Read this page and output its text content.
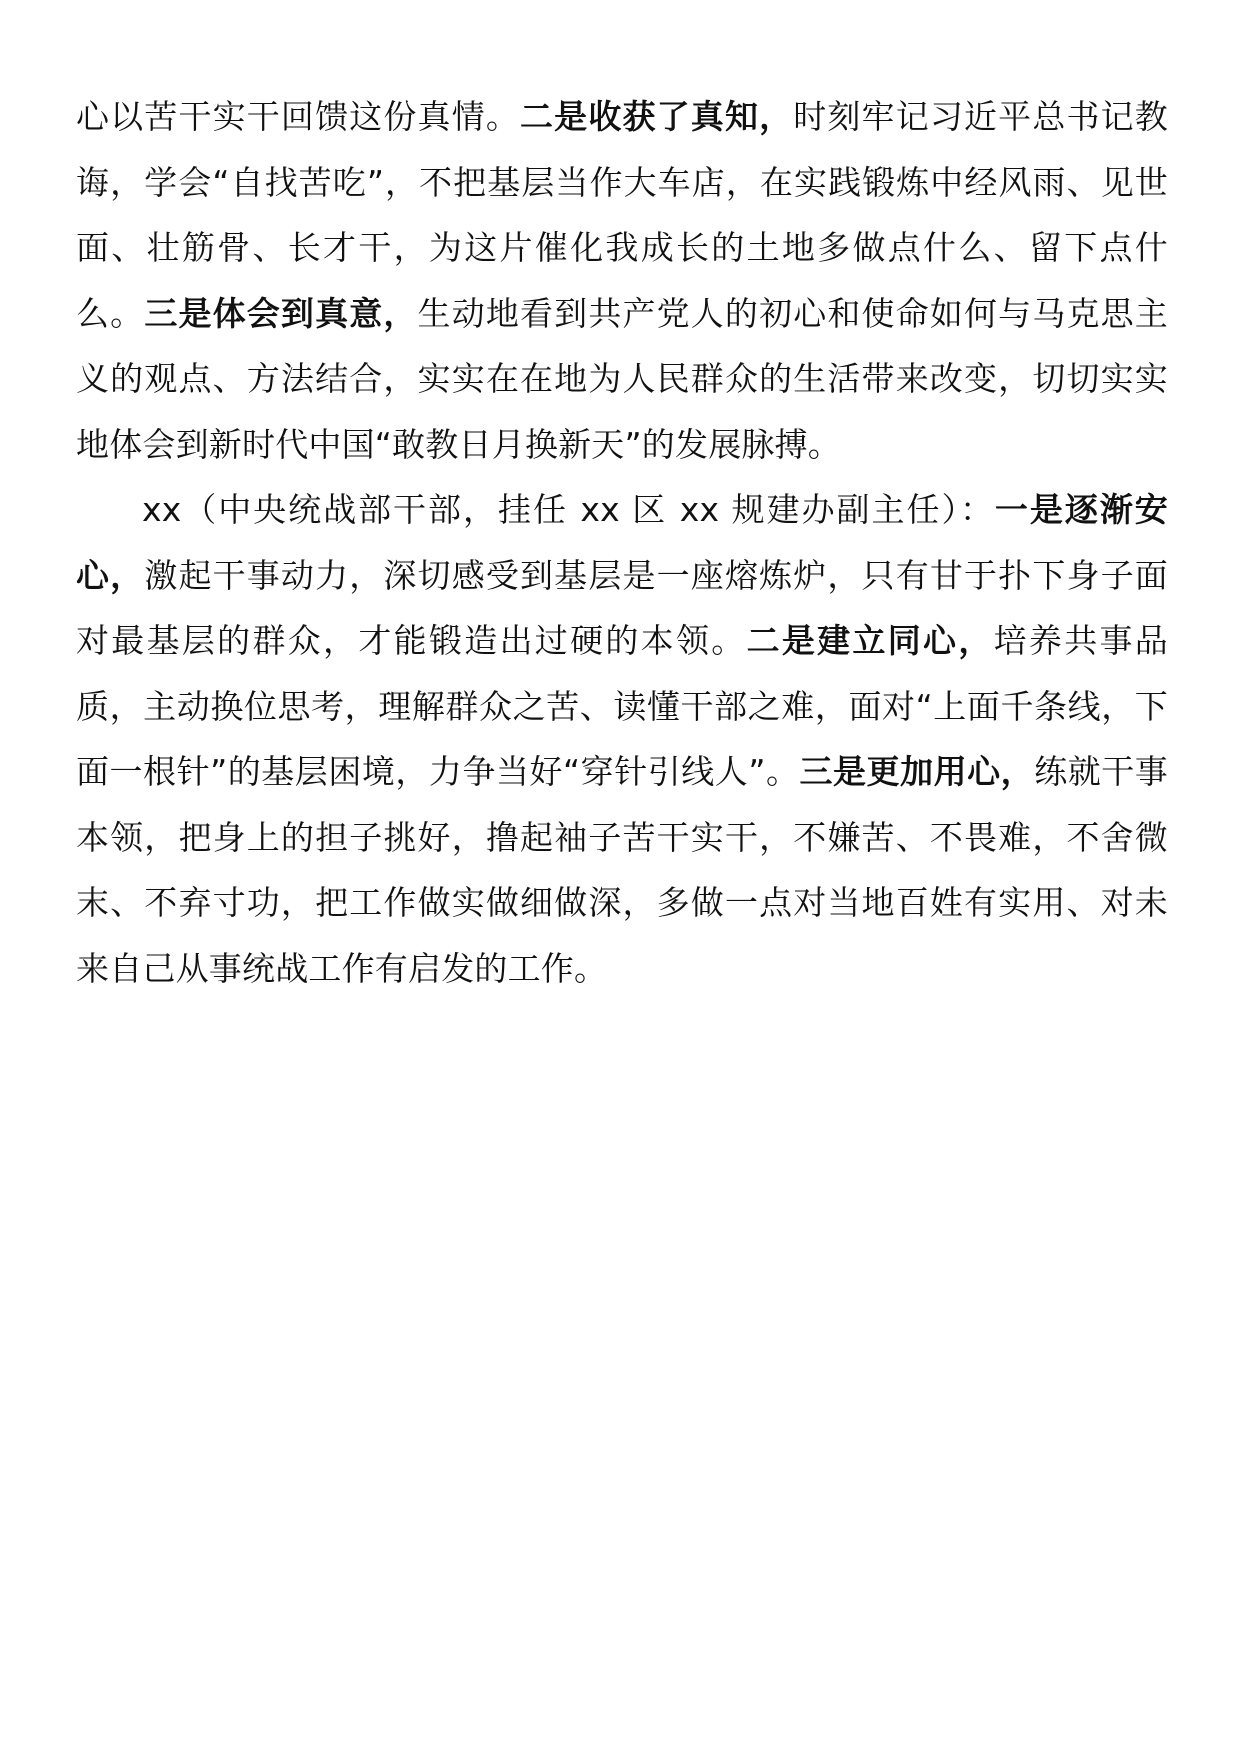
心以苦干实干回馈这份真情。二是收获了真知，时刻牢记习近平总书记教诲，学会“自找苦吃”，不把基层当作大车店，在实践锻炼中经风雨、见世面、壮筋骨、长才干，为这片催化我成长的土地多做点什么、留下点什么。三是体会到真意，生动地看到共产党人的初心和使命如何与马克思主义的观点、方法结合，实实在在地为人民群众的生活带来改变，切切实实地体会到新时代中国“敢教日月换新天”的发展脉搏。

xx（中央统战部干部，挂任 xx 区 xx 规建办副主任）：一是逐渐安心，激起干事动力，深切感受到基层是一座熔炼炉，只有甘于扑下身子面对最基层的群众，才能锻造出过硬的本领。二是建立同心，培养共事品质，主动换位思考，理解群众之苦、读懂干部之难，面对“上面千条线，下面一根针”的基层困境，力争当好“穿针引线人”。三是更加用心，练就干事本领，把身上的担子挑好，撸起袖子苦干实干，不嫌苦、不畏难，不舍微末、不弃寸功，把工作做实做细做深，多做一点对当地百姓有实用、对未来自己从事统战工作有启发的工作。
